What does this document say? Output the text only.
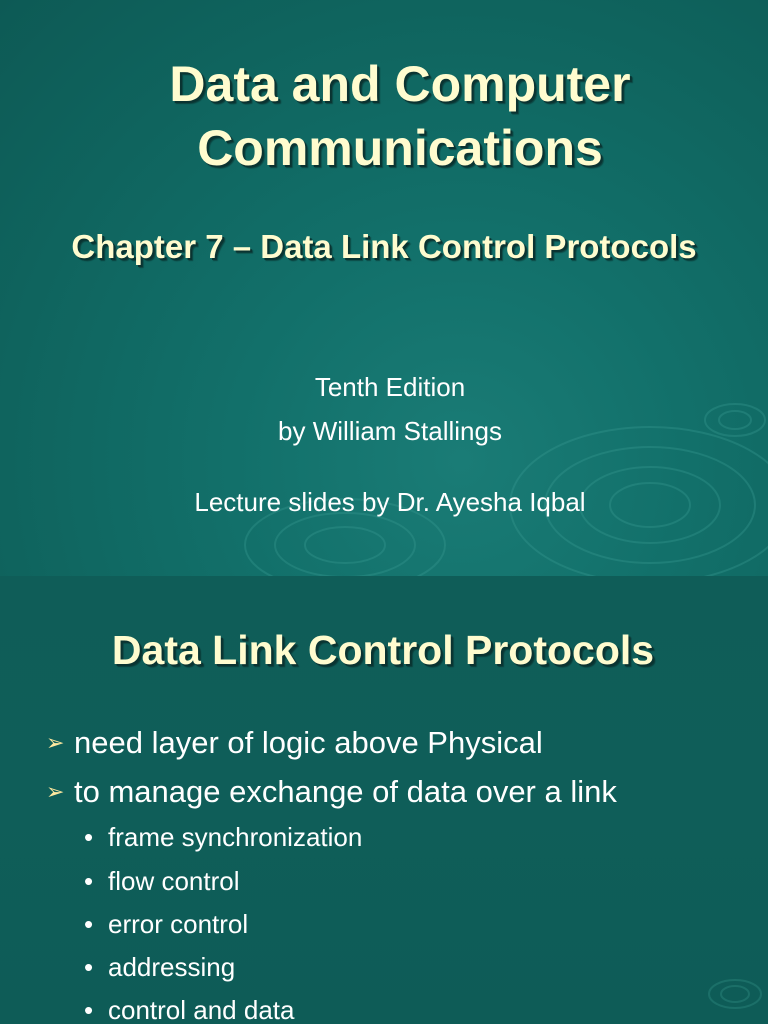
Data and Computer Communications
Chapter 7 – Data Link Control Protocols
Tenth Edition
by William Stallings
Lecture slides by Dr. Ayesha Iqbal
Data Link Control Protocols
➢ need layer of logic above Physical
➢ to manage exchange of data over a link
• frame synchronization
• flow control
• error control
• addressing
• control and data
